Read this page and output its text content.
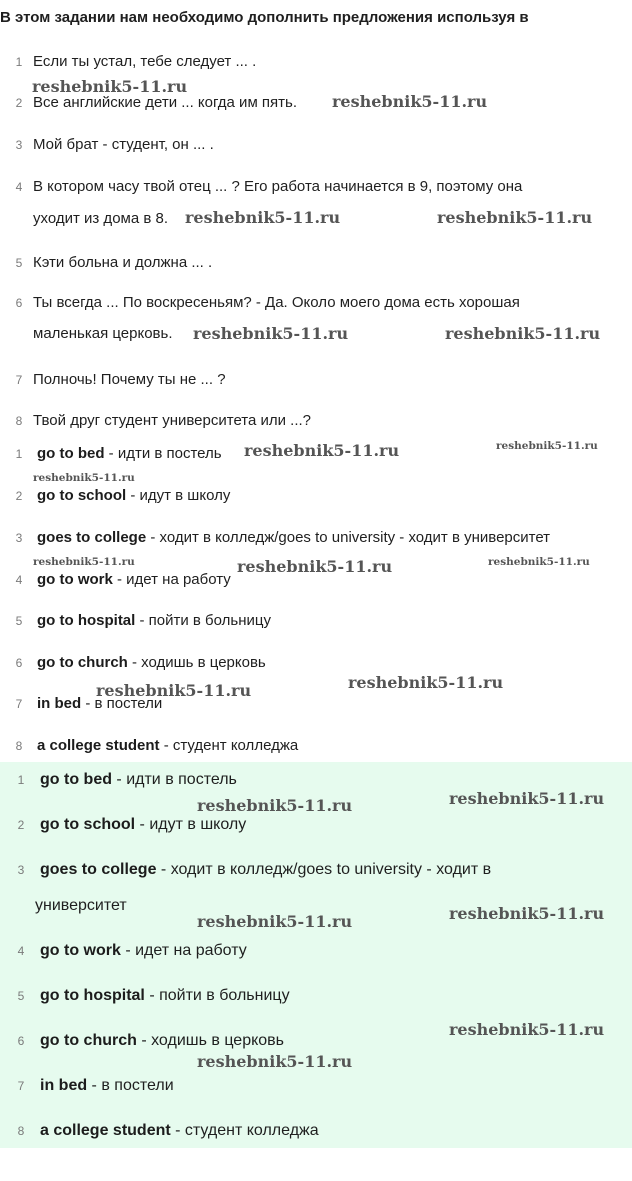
В этом задании нам необходимо дополнить предложения используя в
1 Если ты устал, тебе следует ... .
2 Все английские дети ... когда им пять.
3 Мой брат - студент, он ... .
4 В котором часу твой отец ... ? Его работа начинается в 9, поэтому она
уходит из дома в 8.
5 Кэти больна и должна ... .
6 Ты всегда ... По воскресеньям? - Да. Около моего дома есть хорошая
маленькая церковь.
7 Полночь! Почему ты не ... ?
8 Твой друг студент университета или ...?
1 go to bed - идти в постель
2 go to school - идут в школу
3 goes to college - ходит в колледж/goes to university - ходит в университет
4 go to work - идет на работу
5 go to hospital - пойти в больницу
6 go to church - ходишь в церковь
7 in bed - в постели
8 a college student - студент колледжа
1 go to bed - идти в постель
2 go to school - идут в школу
3 goes to college - ходит в колледж/goes to university - ходит в
университет
4 go to work - идет на работу
5 go to hospital - пойти в больницу
6 go to church - ходишь в церковь
7 in bed - в постели
8 a college student - студент колледжа
reshebnik5-11.ru
reshebnik5-11.ru
reshebnik5-11.ru	reshebnik5-11.ru
reshebnik5-11.ru	reshebnik5-11.ru
reshebnik5-11.ru	reshebnik5-11.ru
reshebnik5-11.ru
reshebnik5-11.ru	reshebnik5-11.ru	reshebnik5-11.ru
reshebnik5-11.ru	reshebnik5-11.ru
reshebnik5-11.ru	reshebnik5-11.ru
reshebnik5-11.ru	reshebnik5-11.ru
reshebnik5-11.ru
reshebnik5-11.ru
